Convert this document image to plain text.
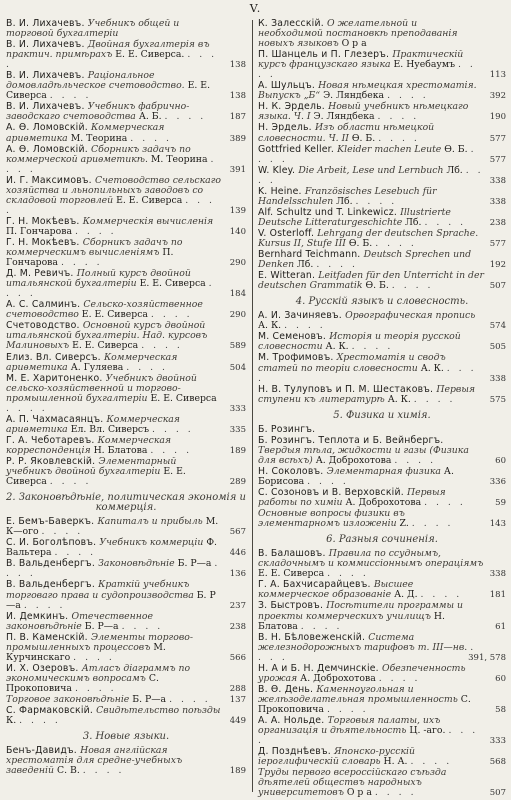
V.
В. И. Лихачевъ. Учебникъ общей и торговой бухгалтеріи
В. И. Лихачевъ. Двойная бухгалтерія въ практич. примѣрахъ Е. Е. Сиверса. . . . .	138
В. И. Лихачевъ. Раціональное домовладѣльческое счетоводство. Е. Е. Сиверса . . . .	138
В. И. Лихачевъ. Учебникъ фабрично-заводскаго счетоводства А. Б. . . . .	187
А. Ө. Ломовскій. Коммерческая ариѳметика М. Теорина . . . .	389
А. Ө. Ломовскій. Сборникъ задачъ по коммерческой ариѳметикѣ. М. Теорина . . . .	391
И. Г. Максимовъ. Счетоводство сельскаго хозяйства и льнопильныхъ заводовъ со складовой торговлей Е. Е. Сиверса . . . .	139
Г. Н. Мокѣевъ. Коммерческія вычисленія П. Гончарова . . . .	140
Г. Н. Мокѣевъ. Сборникъ задачъ по коммерческимъ вычисленіямъ П. Гончарова . . . .	290
Д. М. Ревичъ. Полный курсъ двойной итальянской бухгалтеріи Е. Е. Сиверса . . . .	184
А. С. Салминъ. Сельско-хозяйственное счетоводство Е. Е. Сиверса . . . .	290
Счетоводство. Основной курсъ двойной итальянской бухгалтеріи. Над. курсовъ Малиновыхъ Е. Е. Сиверса . . . .	589
Елиз. Вл. Сиверсъ. Коммерческая ариѳметика А. Гуляева . . . .	504
М. Е. Харитоненко. Учебникъ двойной сельско-хозяйственной и торгово-промышленной бухгалтеріи Е. Е. Сиверса . . . .	333
А. П. Чахмасаянцъ. Коммерческая ариѳметика Ел. Вл. Сиверсъ . . . .	335
Г. А. Чеботаревъ. Коммерческая корреспонденція Н. Блатова . . . .	189
Р. Р. Яковлевскій. Элементарный учебникъ двойной бухгалтеріи Е. Е. Сиверса . . . .	289
2. Законовѣдѣніе, политическая экономія и коммерція.
Е. Бемъ-Баверкъ. Капиталъ и прибыль М. К—ого . . . .	567
С. И. Боголѣповъ. Учебникъ коммерціи Ф. Вальтера . . . .	446
В. Вальденбергъ. Законовѣдѣніе Б. Р—а . . . .	136
В. Вальденбергъ. Краткій учебникъ торговаго права и судопроизводства Б. Р—а . . . .	237
И. Демкинъ. Отечественное законовѣдѣніе Б. Р—а . . . .	238
П. В. Каменскій. Элементы торгово-промышленныхъ процессовъ М. Курчинскаго . . . .	566
И. Х. Озеровъ. Атласъ діаграммъ по экономическимъ вопросамъ С. Прокоповича . . . .	288
Торговое законовѣдѣніе Б. Р—а . . . .	137
С. Фармаковскій. Свидѣтельство поѣзды К. . . . .	449
3. Новые языки.
Бенъ-Давидъ. Новая англійская хрестоматія для средне-учебныхъ заведеній С. В. . . . .	189
К. Залесскій. О желательной и необходимой постановкѣ преподаванія новыхъ языковъ О р а
П. Шанцель и П. Глезеръ. Практическій курсъ французскаго языка Е. Нуебаумъ . . . .	113
А. Шульцъ. Новая нѣмецкая хрестоматія. Выпускъ „Б“ Э. Ляндбека . . . .	392
Н. К. Эрдель. Новый учебникъ нѣмецкаго языка. Ч. I Э. Ляндбека . . . .	190
Н. Эрдель. Изъ области нѣмецкой словесности. Ч. II Ө. Б. . . . .	577
Gottfried Keller. Kleider machen Leute Ө. Б. . . . .	577
W. Kley. Die Arbeit, Lese und Lernbuch Лб. . . . .	338
K. Heine. Französisches Lesebuch für Handelsschulen Лб. . . . .	338
Alf. Schultz und T. Linkewicz. Illustrierte Deutsche Litteraturgeschichte Лб. . . . .	238
V. Osterloff. Lehrgang der deutschen Sprache. Kursus II, Stufe III Ө. Б. . . . .	577
Bernhard Teichmann. Deutsch Sprechen und Denken Лб. . . . .	192
E. Witteran. Leitfaden für den Unterricht in der deutschen Grammatik Ө. Б. . . . .	507
4. Русскій языкъ и словесность.
А. И. Зачиняевъ. Орѳографическая пропись А. К. . . . .	574
М. Семеновъ. Исторія и теорія русской словесности А. К. . . . .	505
М. Трофимовъ. Хрестоматія и сводъ статей по теоріи словесности А. К. . . . .	338
Н. В. Тулуповъ и П. М. Шестаковъ. Первыя ступени къ литературѣ А. К. . . . .	575
5. Физика и химія.
Б. Розингъ.
Б. Розингъ. Теплота и Б. Вейнбергъ. Твердыя тѣла, жидкости и газы (Физика для всѣхъ) А. Доброхотова . . . .	60
Н. Соколовъ. Элементарная физика А. Борисова . . . .	336
С. Созоновъ и В. Верховскій. Первыя работы по химіи А. Доброхотова . . . .	59
Основные вопросы физики въ элементарномъ изложеніи Z. . . . .	143
6. Разныя сочиненія.
В. Балашовъ. Правила по ссуднымъ, складочнымъ и коммиссіоннымъ операціямъ Е. Е. Сиверса . . . .	338
Г. А. Бахчисарайцевъ. Высшее коммерческое образованіе А. Д. . . . .	181
З. Быстровъ. Посѣтители программы и проекты коммерческихъ училищъ Н. Блатова . . . .	61
В. Н. Бѣловеженскій. Система железнодорожныхъ тарифовъ т. III—нв. . . . .	391, 578
Н. А и Б. Н. Демчинскіе. Обезпеченность урожая А. Доброхотова . . . .	60
В. Ө. День. Каменноугольная и желѣзоделательная промышленность С. Прокоповича . . . .	58
А. А. Нольде. Торговыя палаты, ихъ организація и дѣятельность Ц. -аго. . . . .	333
Д. Позднѣевъ. Японско-русскій іероглифическій словарь Н. А. . . . .	568
Труды первого всероссійскаго съѣзда дѣятелей обществъ народныхъ университетовъ О р а . . . .	507
